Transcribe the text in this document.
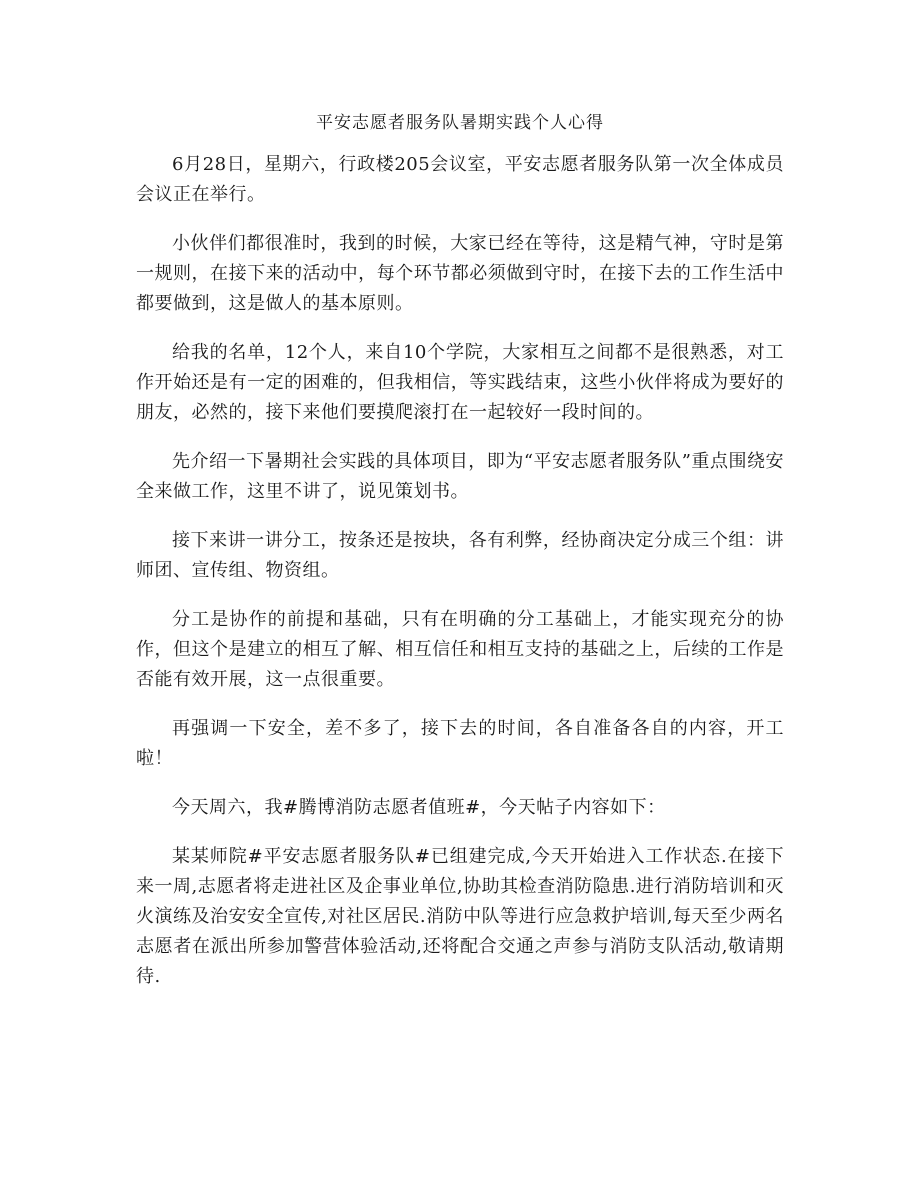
平安志愿者服务队暑期实践个人心得

6月28日，星期六，行政楼205会议室，平安志愿者服务队第一次全体成员会议正在举行。

小伙伴们都很准时，我到的时候，大家已经在等待，这是精气神，守时是第一规则，在接下来的活动中，每个环节都必须做到守时，在接下去的工作生活中都要做到，这是做人的基本原则。

给我的名单，12个人，来自10个学院，大家相互之间都不是很熟悉，对工作开始还是有一定的困难的，但我相信，等实践结束，这些小伙伴将成为要好的朋友，必然的，接下来他们要摸爬滚打在一起较好一段时间的。

先介绍一下暑期社会实践的具体项目，即为“平安志愿者服务队”重点围绕安全来做工作，这里不讲了，说见策划书。

接下来讲一讲分工，按条还是按块，各有利弊，经协商决定分成三个组：讲师团、宣传组、物资组。

分工是协作的前提和基础，只有在明确的分工基础上，才能实现充分的协作，但这个是建立的相互了解、相互信任和相互支持的基础之上，后续的工作是否能有效开展，这一点很重要。

再强调一下安全，差不多了，接下去的时间，各自准备各自的内容，开工啦！

今天周六，我#腾博消防志愿者值班#，今天帖子内容如下：

某某师院#平安志愿者服务队#已组建完成,今天开始进入工作状态.在接下来一周,志愿者将走进社区及企事业单位,协助其检查消防隐患.进行消防培训和灭火演练及治安安全宣传,对社区居民.消防中队等进行应急救护培训,每天至少两名志愿者在派出所参加警营体验活动,还将配合交通之声参与消防支队活动,敬请期待.
